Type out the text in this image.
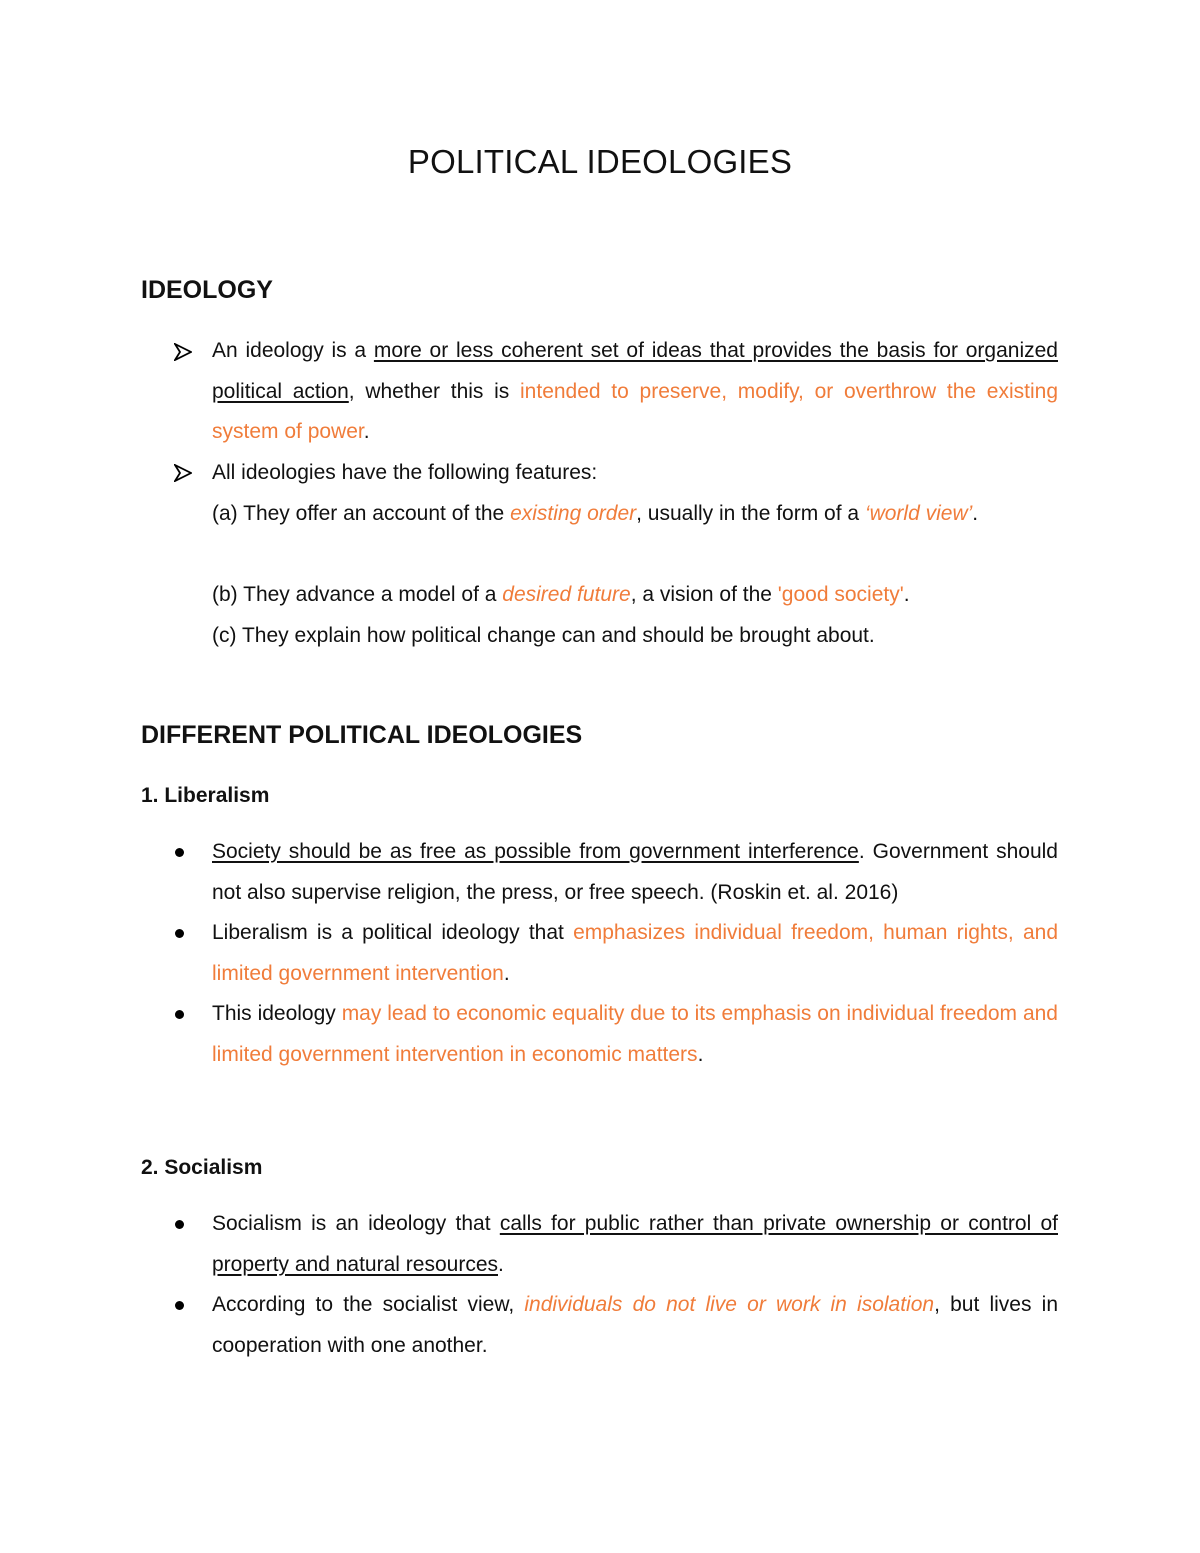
POLITICAL IDEOLOGIES
IDEOLOGY

An ideology is a more or less coherent set of ideas that provides the basis for organized political action, whether this is intended to preserve, modify, or overthrow the existing system of power.

All ideologies have the following features:

(a) They offer an account of the existing order, usually in the form of a ‘world view’.

(b) They advance a model of a desired future, a vision of the 'good society'.

(c) They explain how political change can and should be brought about.

DIFFERENT POLITICAL IDEOLOGIES
1. Liberalism

Society should be as free as possible from government interference. Government should not also supervise religion, the press, or free speech. (Roskin et. al. 2016)

Liberalism is a political ideology that emphasizes individual freedom, human rights, and limited government intervention.

This ideology may lead to economic equality due to its emphasis on individual freedom and limited government intervention in economic matters.

2. Socialism

Socialism is an ideology that calls for public rather than private ownership or control of property and natural resources.

According to the socialist view, individuals do not live or work in isolation, but lives in cooperation with one another.
